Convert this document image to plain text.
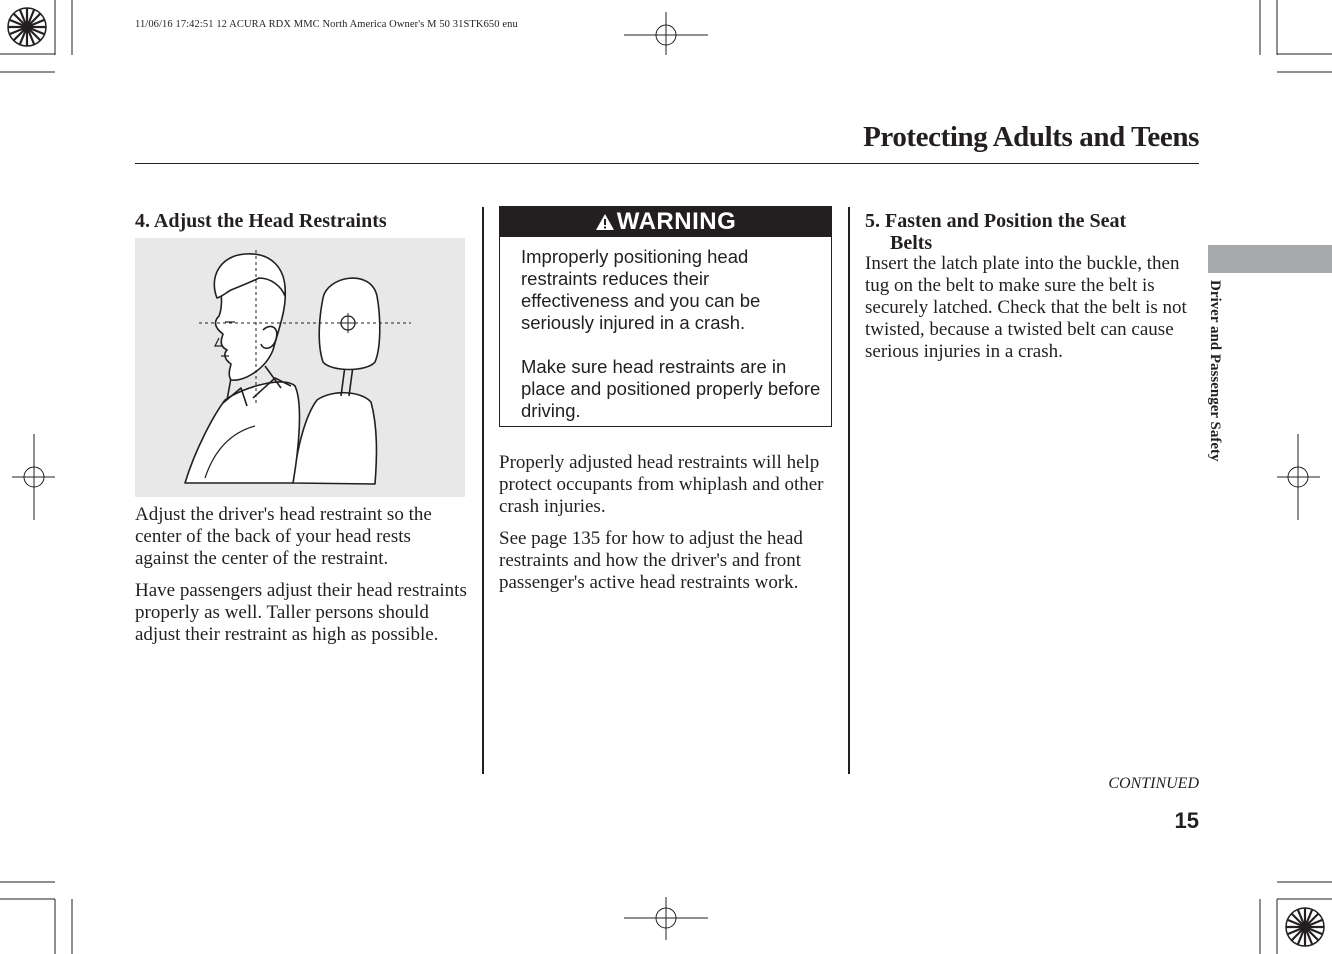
11/06/16 17:42:51 12 ACURA RDX MMC North America Owner's M 50 31STK650 enu
Protecting Adults and Teens
4. Adjust the Head Restraints

Adjust the driver's head restraint so the center of the back of your head rests against the center of the restraint.

Have passengers adjust their head restraints properly as well. Taller persons should adjust their restraint as high as possible.

WARNING

Improperly positioning head restraints reduces their effectiveness and you can be seriously injured in a crash.

Make sure head restraints are in place and positioned properly before driving.

Properly adjusted head restraints will help protect occupants from whiplash and other crash injuries.

See page 135 for how to adjust the head restraints and how the driver's and front passenger's active head restraints work.

5. Fasten and Position the Seat
Belts

Insert the latch plate into the buckle, then tug on the belt to make sure the belt is securely latched. Check that the belt is not twisted, because a twisted belt can cause serious injuries in a crash.	Driver and Passenger Safety
CONTINUED
15
